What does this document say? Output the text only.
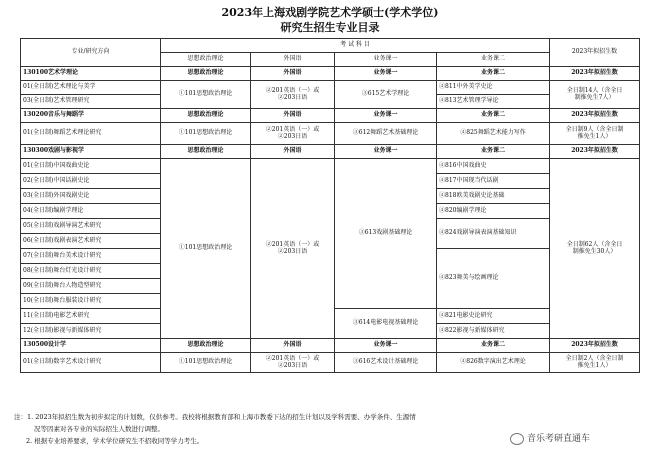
2023年上海戏剧学院艺术学硕士(学术学位)
研究生招生专业目录
专业/研究方向	考 试 科 目				2023年拟招生数
	思想政治理论	外国语	业务课一	业务课二	
130100艺术学理论	思想政治理论	外国语	业务课一	业务课二	2023年拟招生数
01(全日制)艺术理论与美学	①101思想政治理论	②201英语（一）或
②203日语	③615艺术学理论	④811中外美学史论	全日制14人（含全日
制推免生7人）
03(全日制)艺术管理研究				④813艺术管理学导论	
130200音乐与舞蹈学	思想政治理论	外国语	业务课一	业务课二	2023年拟招生数
01(全日制)舞蹈艺术理论研究	①101思想政治理论	②201英语（一）或
②203日语	③612舞蹈艺术基础理论	④825舞蹈艺术能力写作	全日制9人（含全日制
推免生1人）
130300戏剧与影视学	思想政治理论	外国语	业务课一	业务课二	2023年拟招生数
01(全日制)中国戏曲史论	①101思想政治理论	②201英语（一）或
②203日语	③613戏剧基础理论	④816中国戏曲史	全日制62人（含全日
制推免生30人）
02(全日制)中国话剧史论				④817中国现当代话剧	
03(全日制)外国戏剧史论				④818欧美戏剧史论基础	
04(全日制)编剧学理论				④820编剧学理论	
05(全日制)戏剧导演艺术研究				④824戏剧导演表演基础知识	
06(全日制)戏剧表演艺术研究					
07(全日制)舞台美术设计研究				④823舞美与绘画理论	
08(全日制)舞台灯光设计研究					
09(全日制)舞台人物造型研究					
10(全日制)舞台服装设计研究					
11(全日制)电影艺术研究			③614电影电视基础理论	④821电影史论研究	
12(全日制)影视与新媒体研究				④822影视与新媒体研究	
130500设计学	思想政治理论	外国语	业务课一	业务课二	2023年拟招生数
01(全日制)数字艺术设计研究	①101思想政治理论	②201英语（一）或
②203日语	③616艺术设计基础理论	④826数字演出艺术理论	全日制2人（含全日制
推免生1人）
注：1. 2023年拟招生数为初步拟定的计划数，仅供参考。我校将根据教育部和上海市教委下达的招生计划以及学科需要、办学条件、生源情
况等因素对各专业的实际招生人数进行调整。
2. 根据专业培养要求，学术学位研究生不招收同等学力考生。	音乐考研直通车
